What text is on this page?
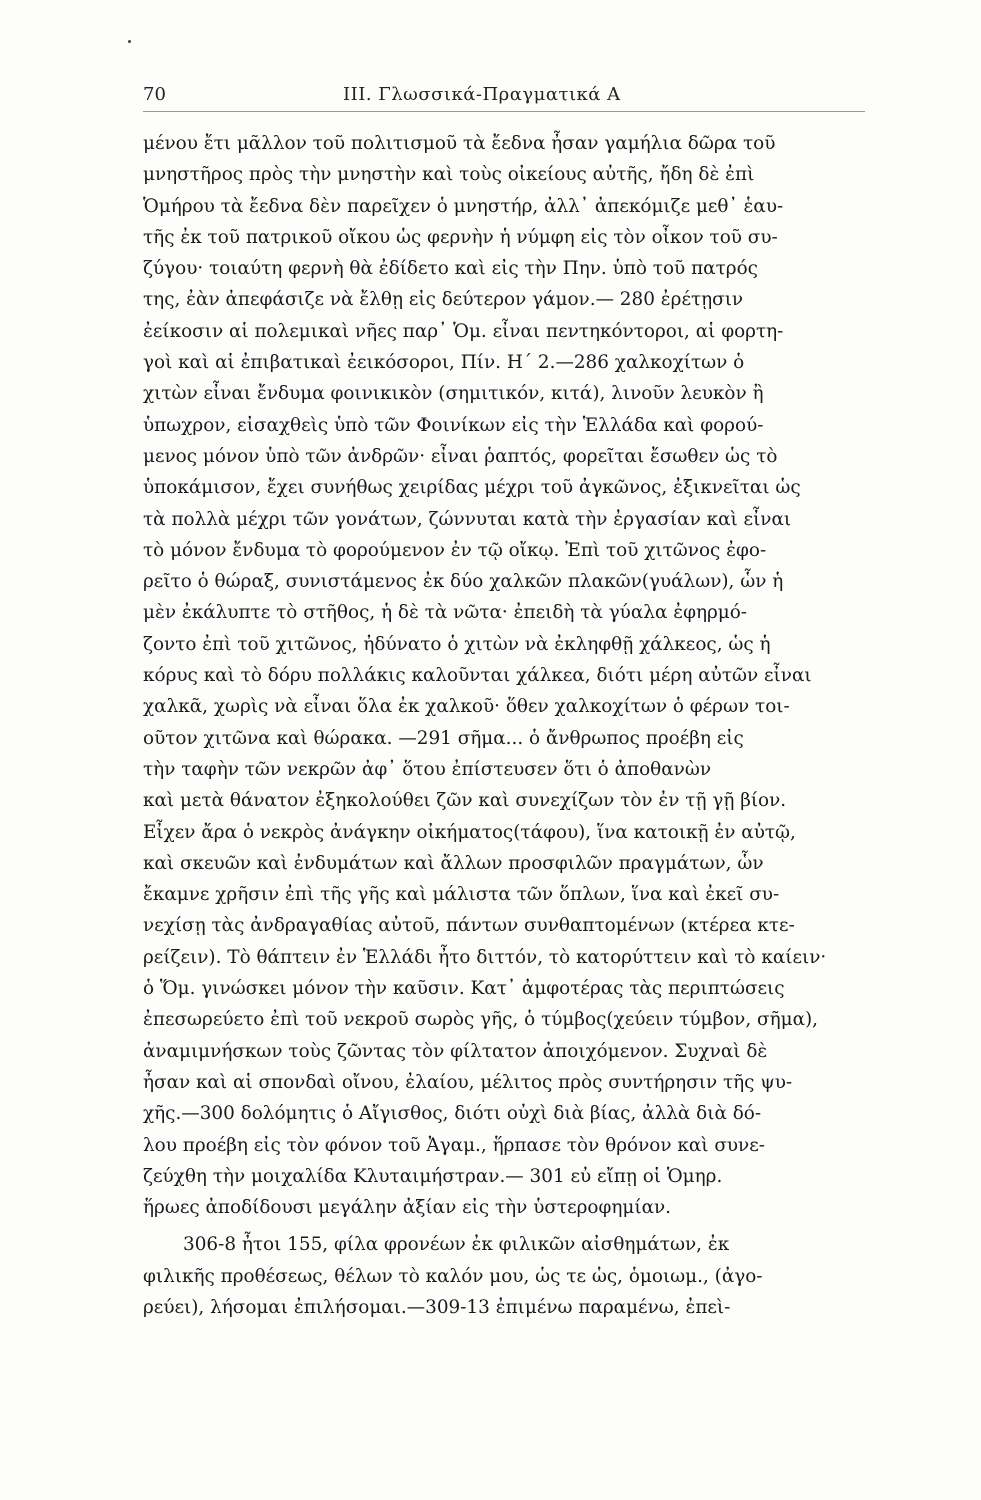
70	III. Γλωσσικά-Πραγματικά Α
μένου ἔτι μᾶλλον τοῦ πολιτισμοῦ τὰ ἔεδνα ἦσαν γαμήλια δῶρα τοῦ
μνηστῆρος πρὸς τὴν μνηστὴν καὶ τοὺς οἰκείους αὐτῆς, ἤδη δὲ ἐπὶ
Ὁμήρου τὰ ἔεδνα δὲν παρεῖχεν ὁ μνηστήρ, ἀλλ᾿ ἀπεκόμιζε μεθ᾿ ἑαυ-
τῆς ἐκ τοῦ πατρικοῦ οἴκου ὡς φερνὴν ἡ νύμφη εἰς τὸν οἶκον τοῦ συ-
ζύγου· τοιαύτη φερνὴ θὰ ἐδίδετο καὶ εἰς τὴν Πην. ὑπὸ τοῦ πατρός
της, ἐὰν ἀπεφάσιζε νὰ ἔλθῃ εἰς δεύτερον γάμον.— 280 ἐρέτῃσιν
ἐείκοσιν αἱ πολεμικαὶ νῆες παρ᾿ Ὁμ. εἶναι πεντηκόντοροι, αἱ φορτη-
γοὶ καὶ αἱ ἐπιβατικαὶ ἐεικόσοροι, Πίν. Η΄ 2.—286 χαλκοχίτων ὁ
χιτὼν εἶναι ἔνδυμα φοινικικὸν (σημιτικόν, κιτά), λινοῦν λευκὸν ἢ
ὑπωχρον, εἰσαχθεὶς ὑπὸ τῶν Φοινίκων εἰς τὴν Ἑλλάδα καὶ φορού-
μενος μόνον ὑπὸ τῶν ἀνδρῶν· εἶναι ῥαπτός, φορεῖται ἔσωθεν ὡς τὸ
ὑποκάμισον, ἔχει συνήθως χειρίδας μέχρι τοῦ ἀγκῶνος, ἐξικνεῖται ὡς
τὰ πολλὰ μέχρι τῶν γονάτων, ζώννυται κατὰ τὴν ἐργασίαν καὶ εἶναι
τὸ μόνον ἔνδυμα τὸ φορούμενον ἐν τῷ οἴκῳ. Ἐπὶ τοῦ χιτῶνος ἐφο-
ρεῖτο ὁ θώραξ, συνιστάμενος ἐκ δύο χαλκῶν πλακῶν(γυάλων), ὧν ἡ
μὲν ἐκάλυπτε τὸ στῆθος, ἡ δὲ τὰ νῶτα· ἐπειδὴ τὰ γύαλα ἐφηρμό-
ζοντο ἐπὶ τοῦ χιτῶνος, ἠδύνατο ὁ χιτὼν νὰ ἐκληφθῇ χάλκεος, ὡς ἡ
κόρυς καὶ τὸ δόρυ πολλάκις καλοῦνται χάλκεα, διότι μέρη αὐτῶν εἶναι
χαλκᾶ, χωρὶς νὰ εἶναι ὅλα ἐκ χαλκοῦ· ὅθεν χαλκοχίτων ὁ φέρων τοι-
οῦτον χιτῶνα καὶ θώρακα. —291 σῆμα... ὁ ἄνθρωπος προέβη εἰς
τὴν ταφὴν τῶν νεκρῶν ἀφ᾿ ὅτου ἐπίστευσεν ὅτι ὁ ἀποθανὼν
καὶ μετὰ θάνατον ἐξηκολούθει ζῶν καὶ συνεχίζων τὸν ἐν τῇ γῇ βίον.
Εἶχεν ἄρα ὁ νεκρὸς ἀνάγκην οἰκήματος(τάφου), ἵνα κατοικῇ ἐν αὐτῷ,
καὶ σκευῶν καὶ ἐνδυμάτων καὶ ἄλλων προσφιλῶν πραγμάτων, ὧν
ἔκαμνε χρῆσιν ἐπὶ τῆς γῆς καὶ μάλιστα τῶν ὅπλων, ἵνα καὶ ἐκεῖ συ-
νεχίσῃ τὰς ἀνδραγαθίας αὐτοῦ, πάντων συνθαπτομένων (κτέρεα κτε-
ρείζειν). Τὸ θάπτειν ἐν Ἑλλάδι ἦτο διττόν, τὸ κατορύττειν καὶ τὸ καίειν·
ὁ Ὅμ. γινώσκει μόνον τὴν καῦσιν. Κατ᾿ ἀμφοτέρας τὰς περιπτώσεις
ἐπεσωρεύετο ἐπὶ τοῦ νεκροῦ σωρὸς γῆς, ὁ τύμβος(χεύειν τύμβον, σῆμα),
ἀναμιμνήσκων τοὺς ζῶντας τὸν φίλτατον ἀποιχόμενον. Συχναὶ δὲ
ἦσαν καὶ αἱ σπονδαὶ οἴνου, ἐλαίου, μέλιτος πρὸς συντήρησιν τῆς ψυ-
χῆς.—300 δολόμητις ὁ Αἴγισθος, διότι οὐχὶ διὰ βίας, ἀλλὰ διὰ δό-
λου προέβη εἰς τὸν φόνον τοῦ Ἀγαμ., ἥρπασε τὸν θρόνον καὶ συνε-
ζεύχθη τὴν μοιχαλίδα Κλυταιμήστραν.— 301 εὐ εἴπῃ οἱ Ὁμηρ.
ἥρωες ἀποδίδουσι μεγάλην ἀξίαν εἰς τὴν ὑστεροφημίαν.
306-8 ἦτοι 155, φίλα φρονέων ἐκ φιλικῶν αἰσθημάτων, ἐκ
φιλικῆς προθέσεως, θέλων τὸ καλόν μου, ὡς τε ὡς, ὁμοιωμ., (ἀγο-
ρεύει), λήσομαι ἐπιλήσομαι.—309-13 ἐπιμένω παραμένω, ἐπεὶ-
